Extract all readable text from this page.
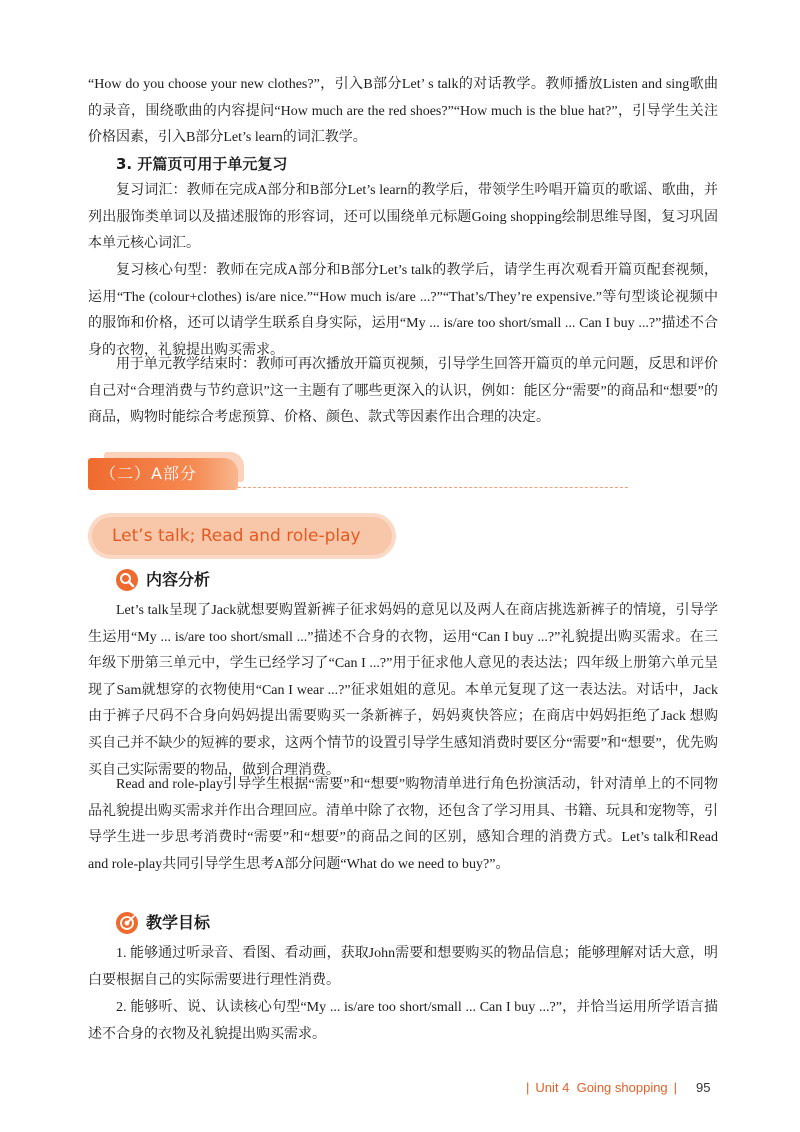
“How do you choose your new clothes?”，引入B部分Let’ s talk的对话教学。教师播放Listen and sing歌曲的录音，围绕歌曲的内容提问“How much are the red shoes?”“How much is the blue hat?”，引导学生关注价格因素，引入B部分Let’s learn的词汇教学。

3. 开篇页可用于单元复习

复习词汇：教师在完成A部分和B部分Let’s learn的教学后，带领学生吟唱开篇页的歌谣、歌曲，并列出服饰类单词以及描述服饰的形容词，还可以围绕单元标题Going shopping绘制思维导图，复习巩固本单元核心词汇。

复习核心句型：教师在完成A部分和B部分Let’s talk的教学后，请学生再次观看开篇页配套视频，运用“The (colour+clothes) is/are nice.”“How much is/are ...?”“That’s/They’re expensive.”等句型谈论视频中的服饰和价格，还可以请学生联系自身实际，运用“My ... is/are too short/small ... Can I buy ...?”描述不合身的衣物，礼貌提出购买需求。

用于单元教学结束时：教师可再次播放开篇页视频，引导学生回答开篇页的单元问题，反思和评价自己对“合理消费与节约意识”这一主题有了哪些更深入的认识，例如：能区分“需要”的商品和“想要”的商品，购物时能综合考虑预算、价格、颜色、款式等因素作出合理的决定。

（二）A部分

Let’s talk; Read and role-play

内容分析

Let’s talk呈现了Jack就想要购置新裤子征求妈妈的意见以及两人在商店挑选新裤子的情境，引导学生运用“My ... is/are too short/small ...”描述不合身的衣物，运用“Can I buy ...?”礼貌提出购买需求。在三年级下册第三单元中，学生已经学习了“Can I ...?”用于征求他人意见的表达法；四年级上册第六单元呈现了Sam就想穿的衣物使用“Can I wear ...?”征求姐姐的意见。本单元复现了这一表达法。对话中，Jack由于裤子尺码不合身向妈妈提出需要购买一条新裤子，妈妈爽快答应；在商店中妈妈拒绝了Jack 想购买自己并不缺少的短裤的要求，这两个情节的设置引导学生感知消费时要区分“需要”和“想要”，优先购买自己实际需要的物品，做到合理消费。

Read and role-play引导学生根据“需要”和“想要”购物清单进行角色扮演活动，针对清单上的不同物品礼貌提出购买需求并作出合理回应。清单中除了衣物，还包含了学习用具、书籍、玩具和宠物等，引导学生进一步思考消费时“需要”和“想要”的商品之间的区别，感知合理的消费方式。Let’s talk和Read and role-play共同引导学生思考A部分问题“What do we need to buy?”。

教学目标

1. 能够通过听录音、看图、看动画，获取John需要和想要购买的物品信息；能够理解对话大意，明白要根据自己的实际需要进行理性消费。

2. 能够听、说、认读核心句型“My ... is/are too short/small ... Can I buy ...?”，并恰当运用所学语言描述不合身的衣物及礼貌提出购买需求。

| Unit 4 Going shopping |	95
